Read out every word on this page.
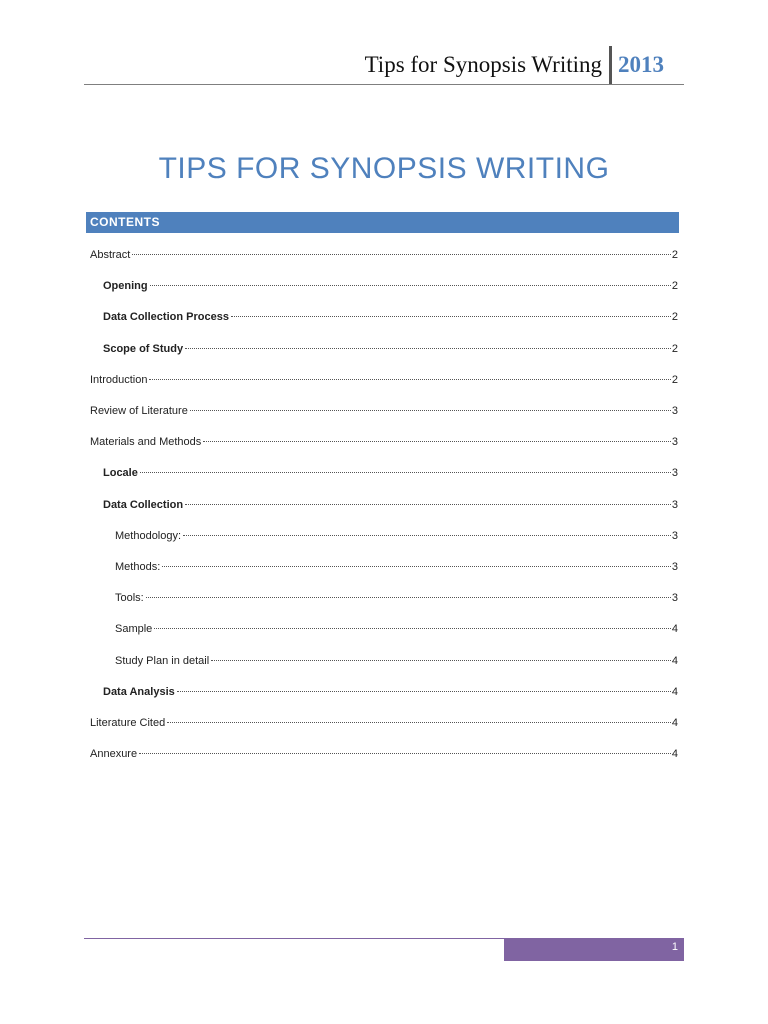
Tips for Synopsis Writing 2013
TIPS FOR SYNOPSIS WRITING
CONTENTS
Abstract	2
Opening	2
Data Collection Process	2
Scope of Study	2
Introduction	2
Review of Literature	3
Materials and Methods	3
Locale	3
Data Collection	3
Methodology:	3
Methods:	3
Tools:	3
Sample	4
Study Plan in detail	4
Data Analysis	4
Literature Cited	4
Annexure	4
1
